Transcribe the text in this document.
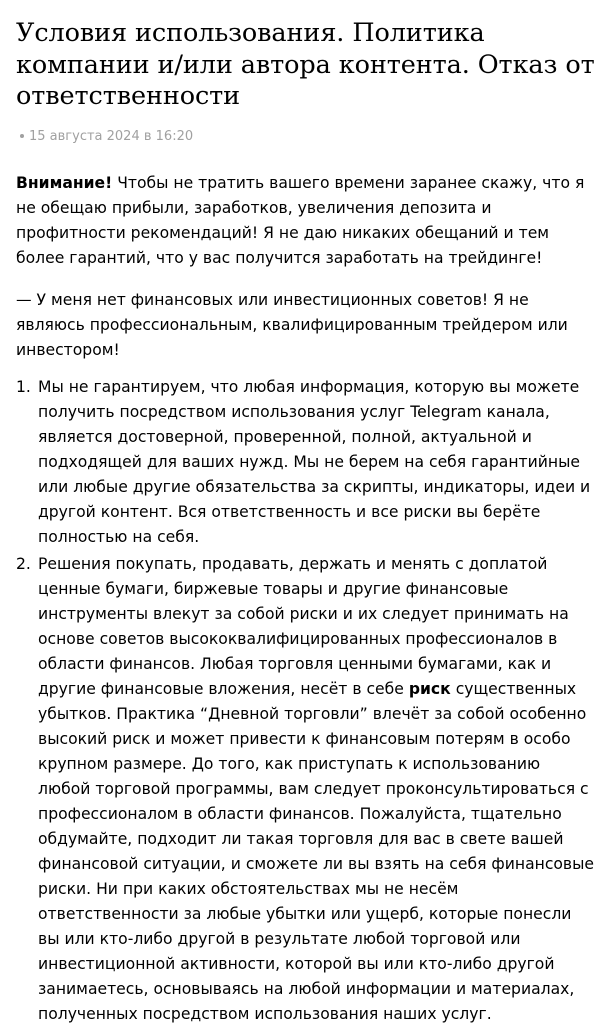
Условия использования. Политика компании и/или автора контента. Отказ от ответственности
15 августа 2024 в 16:20

Внимание! Чтобы не тратить вашего времени заранее скажу, что я не обещаю прибыли, заработков, увеличения депозита и профитности рекомендаций! Я не даю никаких обещаний и тем более гарантий, что у вас получится заработать на трейдинге!

— У меня нет финансовых или инвестиционных советов! Я не являюсь профессиональным, квалифицированным трейдером или инвестором!

1. Мы не гарантируем, что любая информация, которую вы можете получить посредством использования услуг Telegram канала, является достоверной, проверенной, полной, актуальной и подходящей для ваших нужд. Мы не берем на себя гарантийные или любые другие обязательства за скрипты, индикаторы, идеи и другой контент. Вся ответственность и все риски вы берёте полностью на себя.
2. Решения покупать, продавать, держать и менять с доплатой ценные бумаги, биржевые товары и другие финансовые инструменты влекут за собой риски и их следует принимать на основе советов высококвалифицированных профессионалов в области финансов. Любая торговля ценными бумагами, как и другие финансовые вложения, несёт в себе риск существенных убытков. Практика “Дневной торговли” влечёт за собой особенно высокий риск и может привести к финансовым потерям в особо крупном размере. До того, как приступать к использованию любой торговой программы, вам следует проконсультироваться с профессионалом в области финансов. Пожалуйста, тщательно обдумайте, подходит ли такая торговля для вас в свете вашей финансовой ситуации, и сможете ли вы взять на себя финансовые риски. Ни при каких обстоятельствах мы не несём ответственности за любые убытки или ущерб, которые понесли вы или кто-либо другой в результате любой торговой или инвестиционной активности, которой вы или кто-либо другой занимаетесь, основываясь на любой информации и материалах, полученных посредством использования наших услуг.
